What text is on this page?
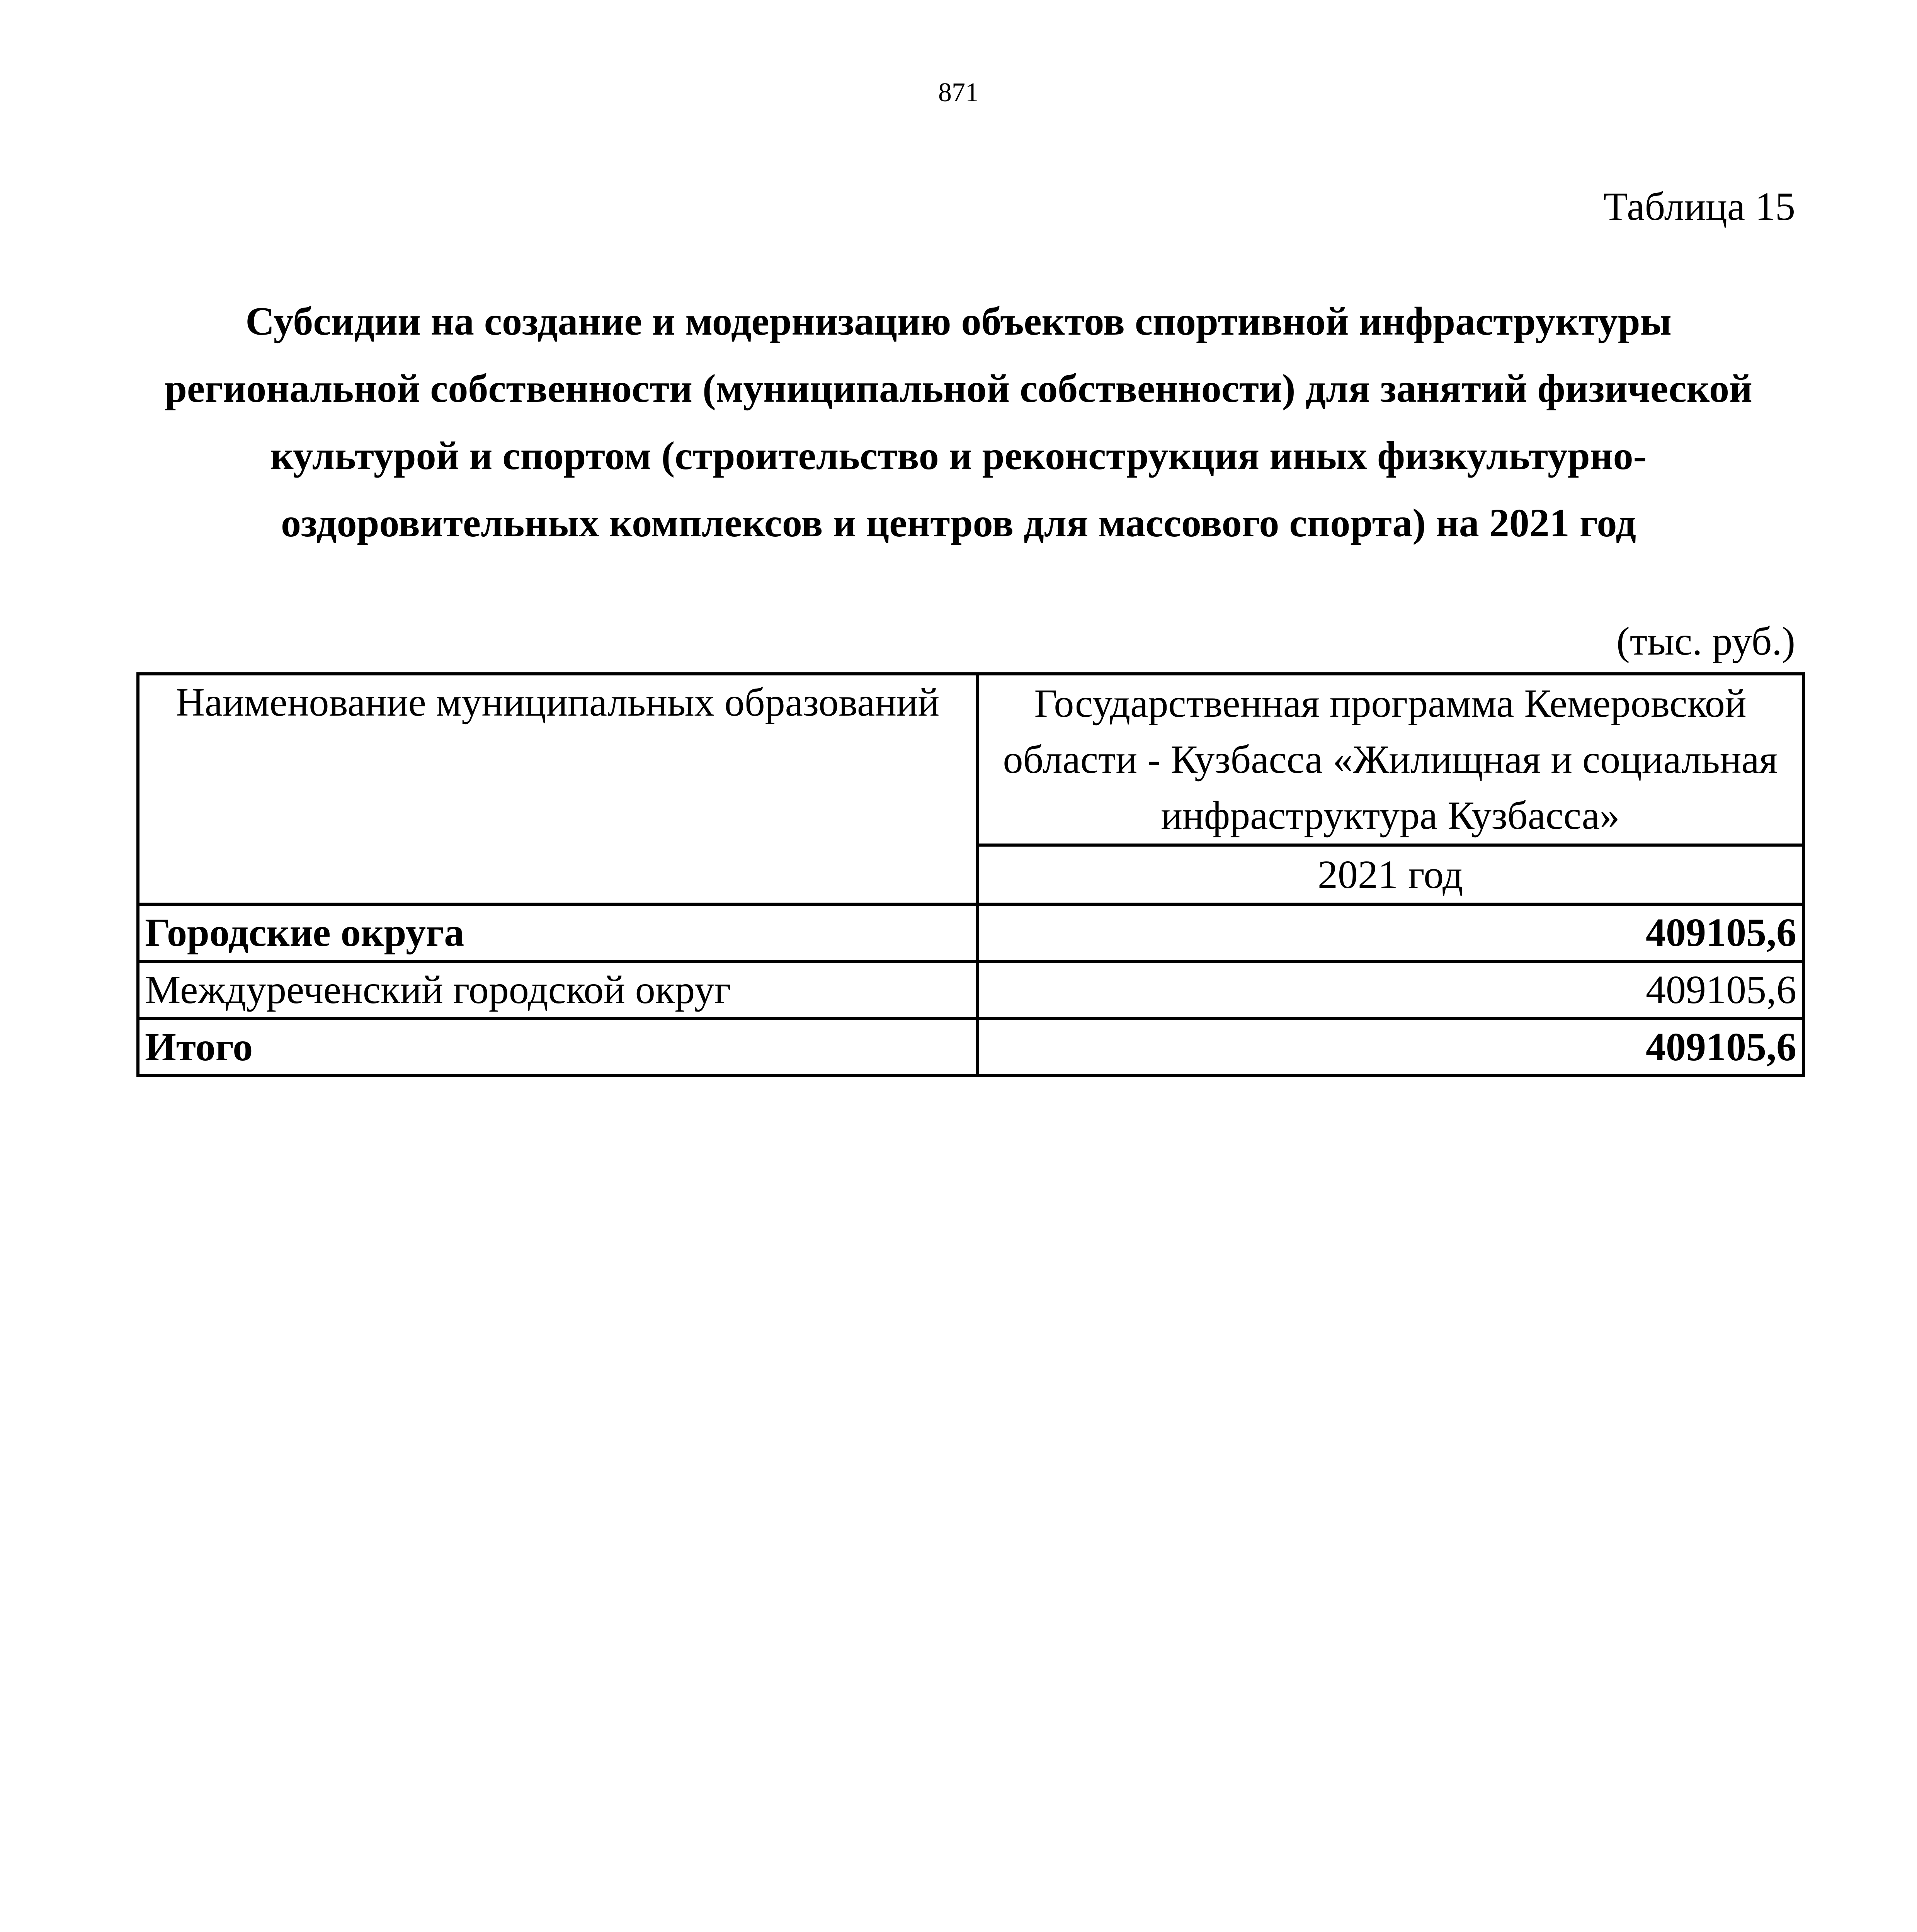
871
Таблица 15
Субсидии на создание и модернизацию объектов спортивной инфраструктуры региональной собственности (муниципальной собственности) для занятий физической культурой и спортом (строительство и реконструкция иных физкультурно-оздоровительных комплексов и центров для массового спорта) на 2021 год
(тыс. руб.)
Наименование муниципальных образований	Государственная программа Кемеровской области - Кузбасса «Жилищная и социальная инфраструктура Кузбасса»
	2021 год
Городские округа	409105,6
Междуреченский городской округ	409105,6
Итого	409105,6
